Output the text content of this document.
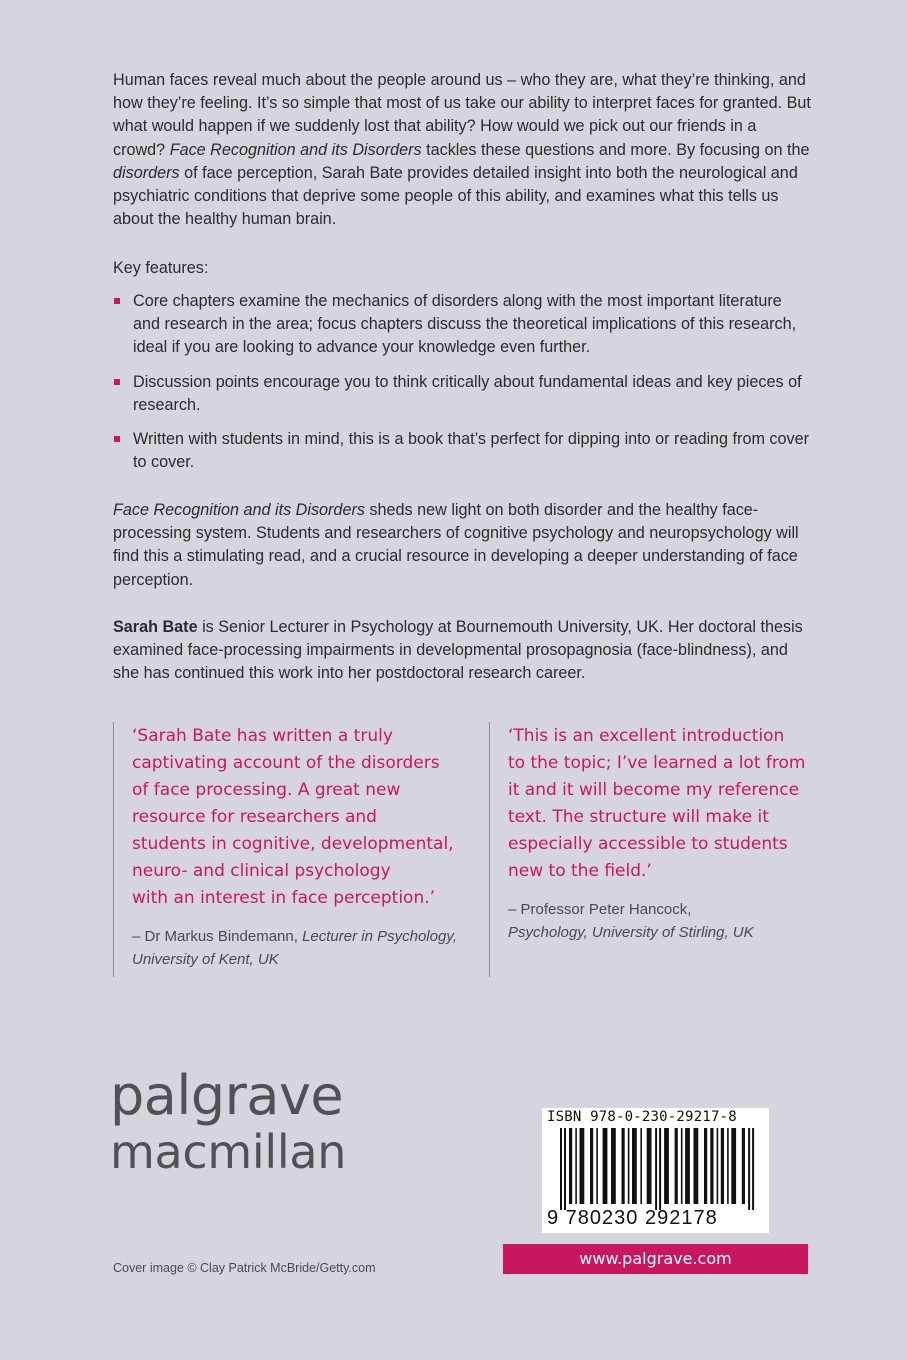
Human faces reveal much about the people around us – who they are, what they’re thinking, and how they’re feeling. It’s so simple that most of us take our ability to interpret faces for granted. But what would happen if we suddenly lost that ability? How would we pick out our friends in a crowd? Face Recognition and its Disorders tackles these questions and more. By focusing on the disorders of face perception, Sarah Bate provides detailed insight into both the neurological and psychiatric conditions that deprive some people of this ability, and examines what this tells us about the healthy human brain.
Key features:
Core chapters examine the mechanics of disorders along with the most important literature and research in the area; focus chapters discuss the theoretical implications of this research, ideal if you are looking to advance your knowledge even further.
Discussion points encourage you to think critically about fundamental ideas and key pieces of research.
Written with students in mind, this is a book that’s perfect for dipping into or reading from cover to cover.
Face Recognition and its Disorders sheds new light on both disorder and the healthy face-processing system. Students and researchers of cognitive psychology and neuropsychology will find this a stimulating read, and a crucial resource in developing a deeper understanding of face perception.
Sarah Bate is Senior Lecturer in Psychology at Bournemouth University, UK. Her doctoral thesis examined face-processing impairments in developmental prosopagnosia (face-blindness), and she has continued this work into her postdoctoral research career.
‘Sarah Bate has written a truly
captivating account of the disorders
of face processing. A great new
resource for researchers and
students in cognitive, developmental,
neuro- and clinical psychology
with an interest in face perception.’
– Dr Markus Bindemann, Lecturer in Psychology, University of Kent, UK
‘This is an excellent introduction
to the topic; I’ve learned a lot from
it and it will become my reference
text. The structure will make it
especially accessible to students
new to the field.’
– Professor Peter Hancock,
Psychology, University of Stirling, UK
palgrave
macmillan
Cover image © Clay Patrick McBride/Getty.com
ISBN 978-0-230-29217-8
9 780230 292178
www.palgrave.com
